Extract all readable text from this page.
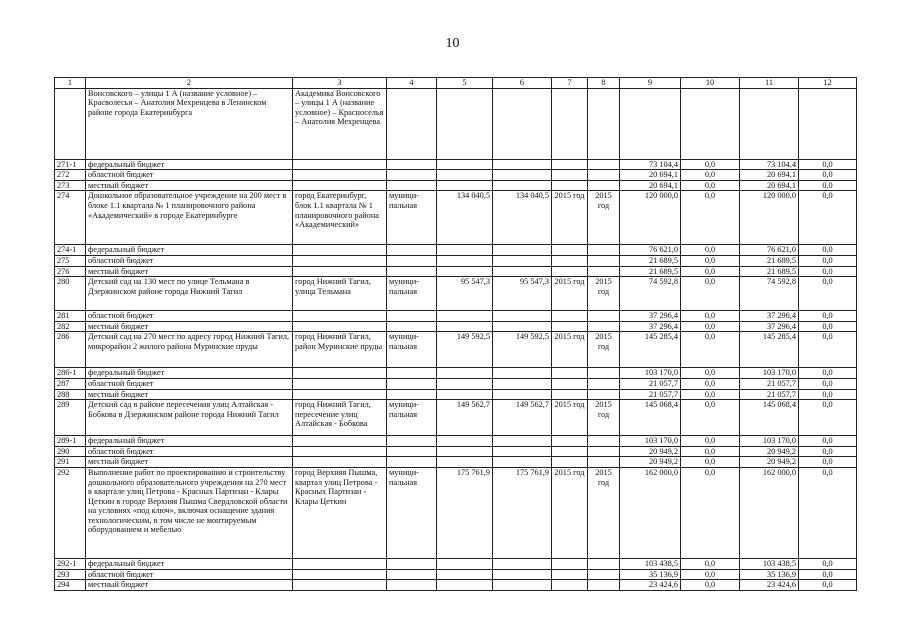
10
1	2	3	4	5	6	7	8	9	10	11	12
	Вонсовского – улицы 1 А (название условное) – Красволесья – Анатолия Мехренцева в Ленинском районе города Екатеринбурга	Академика Вонсовского – улицы 1 А (название условное) – Красноселья – Анатолия Мехренцева									
271-1	федеральный бюджет							73 104,4	0,0	73 104,4	0,0
272	областной бюджет							20 694,1	0,0	20 694,1	0,0
273	местный бюджет							20 694,1	0,0	20 694,1	0,0
274	Дошкольное образовательное учреждение на 200 мест в блоке 1.1 квартала № 1 планировочного района «Академический» в городе Екатеринбурге	город Екатеринбург, блок 1.1 квартала № 1 планировочного района «Академический»	муници-пальная	134 040,5	134 040,5	2015 год	2015 год	120 000,0	0,0	120 000,0	0,0
274-1	федеральный бюджет							76 621,0	0,0	76 621,0	0,0
275	областной бюджет							21 689,5	0,0	21 689,5	0,0
276	местный бюджет							21 689,5	0,0	21 689,5	0,0
280	Детский сад на 130 мест по улице Тельмана в Дзержинском районе города Нижний Тагил	город Нижний Тагил, улица Тельмана	муници-пальная	95 547,3	95 547,3	2015 год	2015 год	74 592,8	0,0	74 592,8	0,0
281	областной бюджет							37 296,4	0,0	37 296,4	0,0
282	местный бюджет							37 296,4	0,0	37 296,4	0,0
286	Детский сад на 270 мест по адресу город Нижний Тагил, микрорайон 2 жилого района Муринские пруды	город Нижний Тагил, район Муринские пруды	муници-пальная	149 592,5	149 592,5	2015 год	2015 год	145 285,4	0,0	145 285,4	0,0
286-1	федеральный бюджет							103 170,0	0,0	103 170,0	0,0
287	областной бюджет							21 057,7	0,0	21 057,7	0,0
288	местный бюджет							21 057,7	0,0	21 057,7	0,0
289	Детский сад в районе пересечения улиц Алтайская - Бобкова в Дзержинском районе города Нижний Тагил	город Нижний Тагил, пересечение улиц Алтайская - Бобкова	муници-пальная	149 562,7	149 562,7	2015 год	2015 год	145 068,4	0,0	145 068,4	0,0
289-1	федеральный бюджет							103 170,0	0,0	103 170,0	0,0
290	областной бюджет							20 949,2	0,0	20 949,2	0,0
291	местный бюджет							20 949,2	0,0	20 949,2	0,0
292	Выполнение работ по проектированию и строительству дошкольного образовательного учреждения на 270 мест в квартале улиц Петрова - Красных Партизан - Клары Цеткин в городе Верхняя Пышма Свердловской области на условиях «под ключ», включая оснащение здания технологическим, в том числе не монтируемым оборудованием и мебелью	город Верхняя Пышма, квартал улиц Петрова - Красных Партизан - Клары Цеткин	муници-пальная	175 761,9	175 761,9	2015 год	2015 год	162 000,0	0,0	162 000,0	0,0
292-1	федеральный бюджет							103 438,5	0,0	103 438,5	0,0
293	областной бюджет							35 136,9	0,0	35 136,9	0,0
294	местный бюджет							23 424,6	0,0	23 424,6	0,0
